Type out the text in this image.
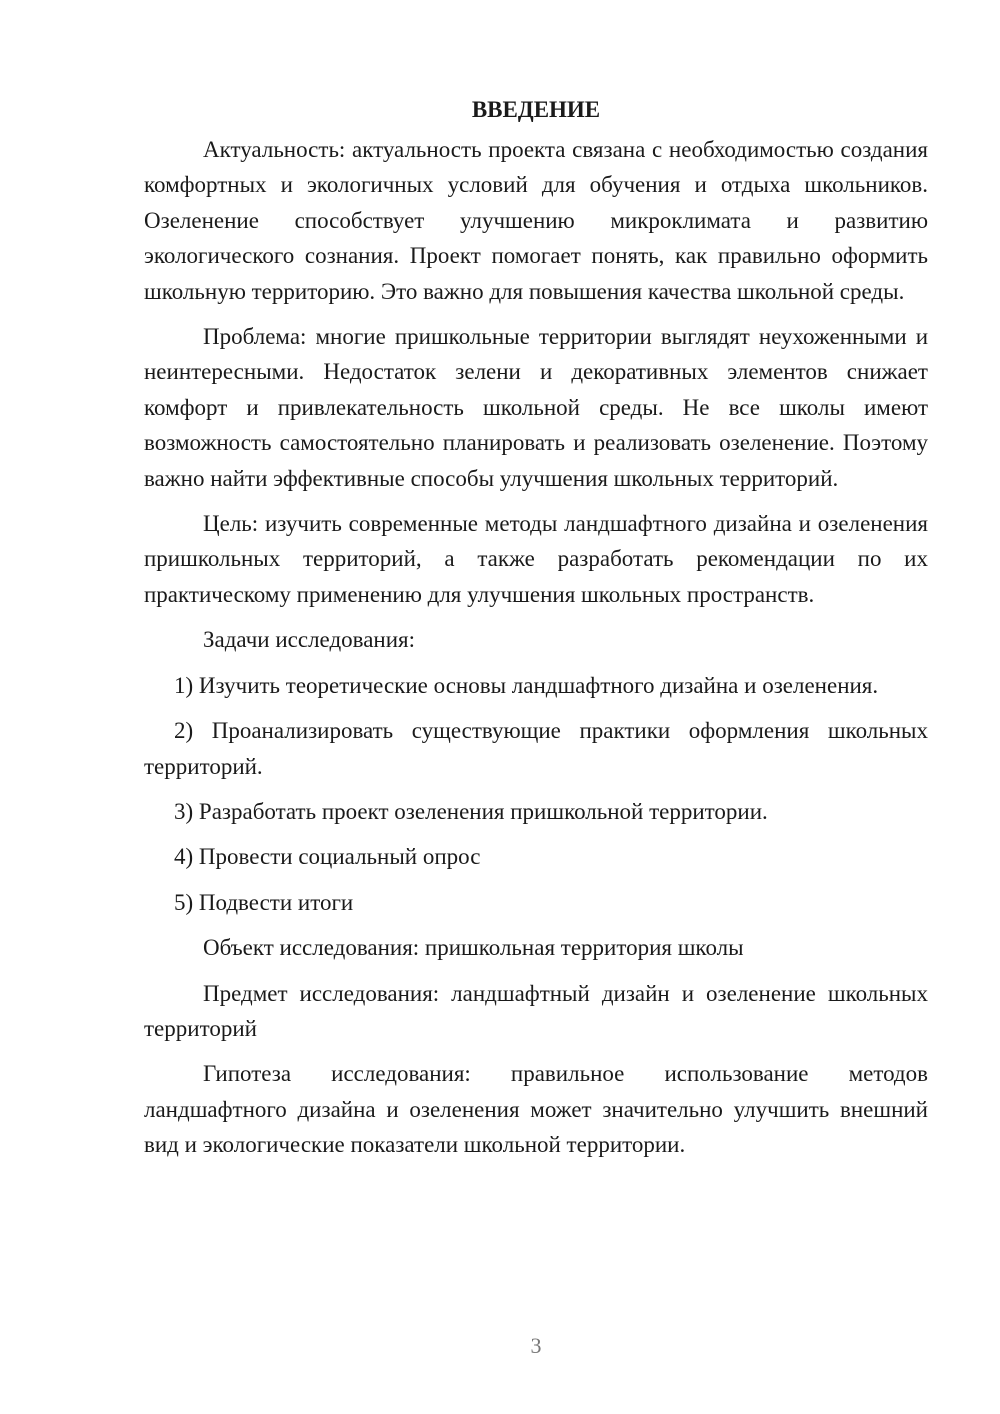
ВВЕДЕНИЕ

Актуальность: актуальность проекта связана с необходимостью создания комфортных и экологичных условий для обучения и отдыха школьников. Озеленение способствует улучшению микроклимата и развитию экологического сознания. Проект помогает понять, как правильно оформить школьную территорию. Это важно для повышения качества школьной среды.

Проблема: многие пришкольные территории выглядят неухоженными и неинтересными. Недостаток зелени и декоративных элементов снижает комфорт и привлекательность школьной среды. Не все школы имеют возможность самостоятельно планировать и реализовать озеленение. Поэтому важно найти эффективные способы улучшения школьных территорий.

Цель: изучить современные методы ландшафтного дизайна и озеленения пришкольных территорий, а также разработать рекомендации по их практическому применению для улучшения школьных пространств.

Задачи исследования:

1) Изучить теоретические основы ландшафтного дизайна и озеленения.

2) Проанализировать существующие практики оформления школьных территорий.

3) Разработать проект озеленения пришкольной территории.

4) Провести социальный опрос

5) Подвести итоги

Объект исследования: пришкольная территория школы

Предмет исследования: ландшафтный дизайн и озеленение школьных территорий

Гипотеза исследования: правильное использование методов ландшафтного дизайна и озеленения может значительно улучшить внешний вид и экологические показатели школьной территории.

3
